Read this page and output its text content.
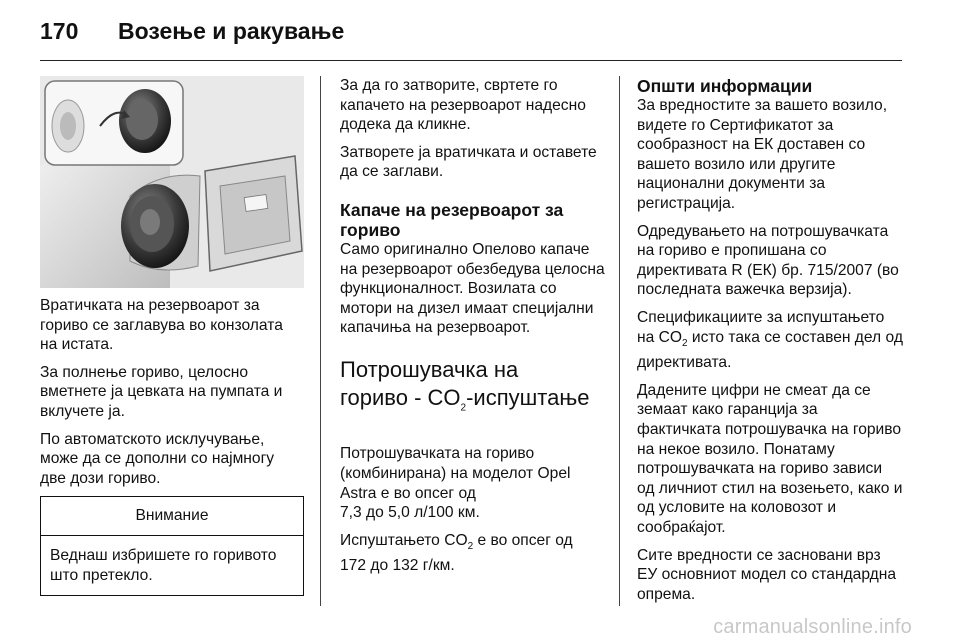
170 Возење и ракување

Вратичката на резервоарот за гориво се заглавува во конзолата на истата.

За полнење гориво, целосно вметнете ја цевката на пумпата и вклучете ја.

По автоматското исклучување, може да се дополни со најмногу две дози гориво.

Внимание
Веднаш избришете го горивото што претекло.

За да го затворите, свртете го капачето на резервоарот надесно додека да кликне.

Затворете ја вратичката и оставете да се заглави.

Капаче на резервоарот за гориво

Само оригинално Опелово капаче на резервоарот обезбедува целосна функционалност. Возилата со мотори на дизел имаат специјални капачиња на резервоарот.

Потрошувачка на
гориво - $CO_2$-испуштање

Потрошувачката на гориво (комбинирана) на моделот Opel Astra е во опсег од
7,3 до 5,0 л/100 км.

Испуштањето $CO_2$ е во опсег од
172 до 132 г/км.

Општи информации

За вредностите за вашето возило, видете го Сертификатот за сообразност на ЕК доставен со вашето возило или другите национални документи за регистрација.

Одредувањето на потрошувачката на гориво е пропишана со директивата R (ЕК) бр. 715/2007 (во последната важечка верзија).

Спецификациите за испуштањето на $CO_2$ исто така се составен дел од директивата.

Дадените цифри не смеат да се земаат како гаранција за фактичката потрошувачка на гориво на некое возило. Понатаму потрошувачката на гориво зависи од личниот стил на возењето, како и од условите на коловозот и сообраќајот.

Сите вредности се засновани врз ЕУ основниот модел со стандардна опрема.

carmanualsonline.info
